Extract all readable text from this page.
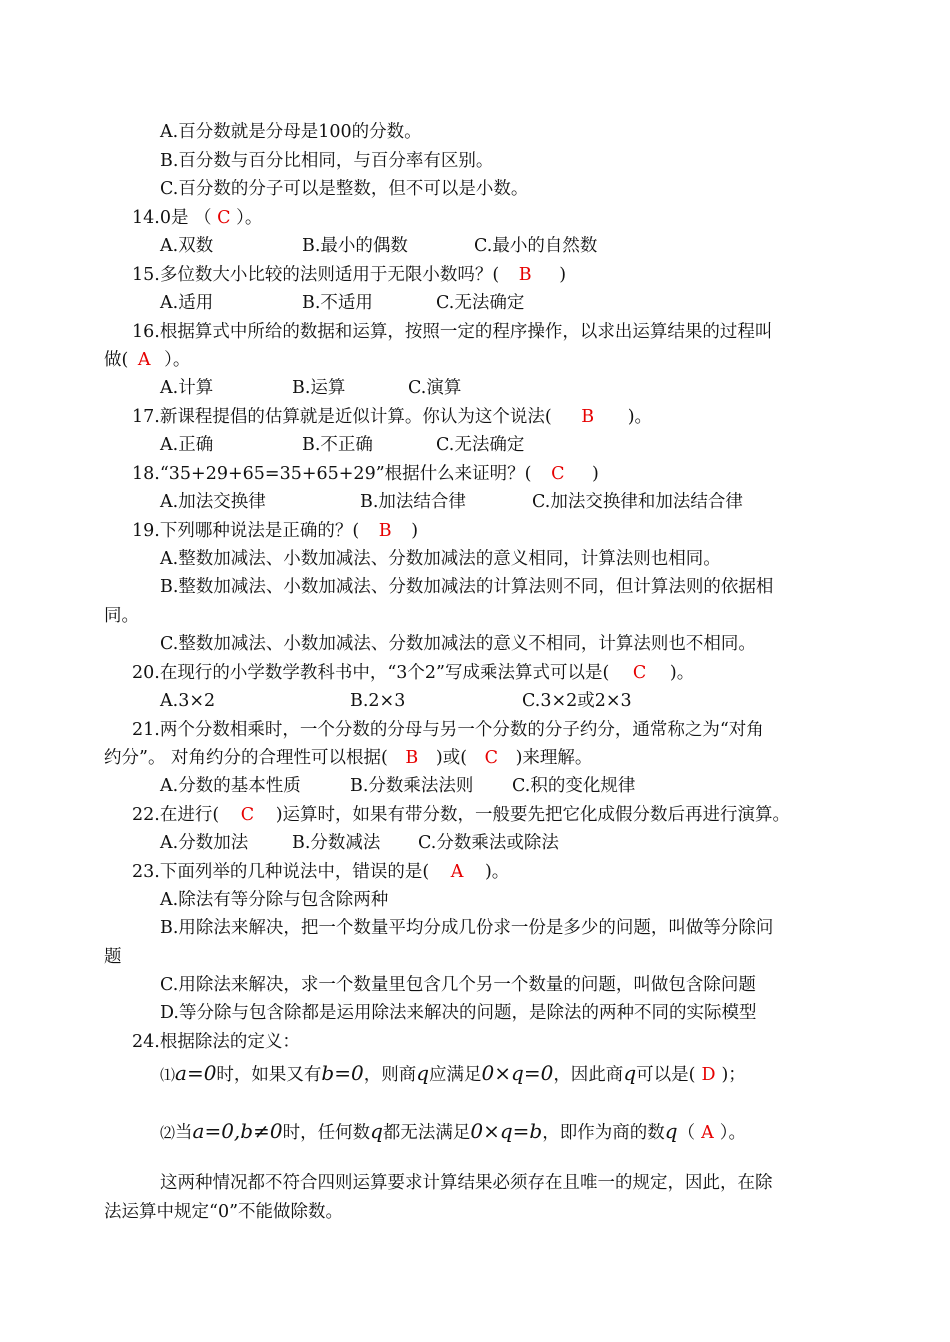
A.百分数就是分母是100的分数。
B.百分数与百分比相同，与百分率有区别。
C.百分数的分子可以是整数，但不可以是小数。
14.0是 （ C ）。
A.双数	B.最小的偶数	C.最小的自然数
15.多位数大小比较的法则适用于无限小数吗？( B )
A.适用	B.不适用	C.无法确定
16.根据算式中所给的数据和运算，按照一定的程序操作，以求出运算结果的过程叫
做( A ）。
A.计算	B.运算	C.演算
17.新课程提倡的估算就是近似计算。你认为这个说法( B )。
A.正确	B.不正确	C.无法确定
18.“35+29+65=35+65+29”根据什么来证明？( C )
A.加法交换律	B.加法结合律	C.加法交换律和加法结合律
19.下列哪种说法是正确的？( B )
A.整数加减法、小数加减法、分数加减法的意义相同，计算法则也相同。
B.整数加减法、小数加减法、分数加减法的计算法则不同，但计算法则的依据相
同。
C.整数加减法、小数加减法、分数加减法的意义不相同，计算法则也不相同。
20.在现行的小学数学教科书中，“3个2”写成乘法算式可以是( C )。
A.3×2	B.2×3	C.3×2或2×3
21.两个分数相乘时，一个分数的分母与另一个分数的分子约分，通常称之为“对角
约分”。 对角约分的合理性可以根据( B )或( C )来理解。
A.分数的基本性质	B.分数乘法法则 C.积的变化规律
22.在进行( C )运算时，如果有带分数，一般要先把它化成假分数后再进行演算。
A.分数加法	B.分数减法 C.分数乘法或除法
23.下面列举的几种说法中，错误的是( A )。
A.除法有等分除与包含除两种
B.用除法来解决，把一个数量平均分成几份求一份是多少的问题，叫做等分除问
题
C.用除法来解决，求一个数量里包含几个另一个数量的问题，叫做包含除问题
D.等分除与包含除都是运用除法来解决的问题，是除法的两种不同的实际模型
24.根据除法的定义：
⑴a=0时，如果又有b=0，则商q应满足0×q=0，因此商q可以是( D )；
⑵当a=0,b≠0时，任何数q都无法满足0×q=b，即作为商的数q（ A ）。
这两种情况都不符合四则运算要求计算结果必须存在且唯一的规定，因此，在除
法运算中规定“0”不能做除数。
